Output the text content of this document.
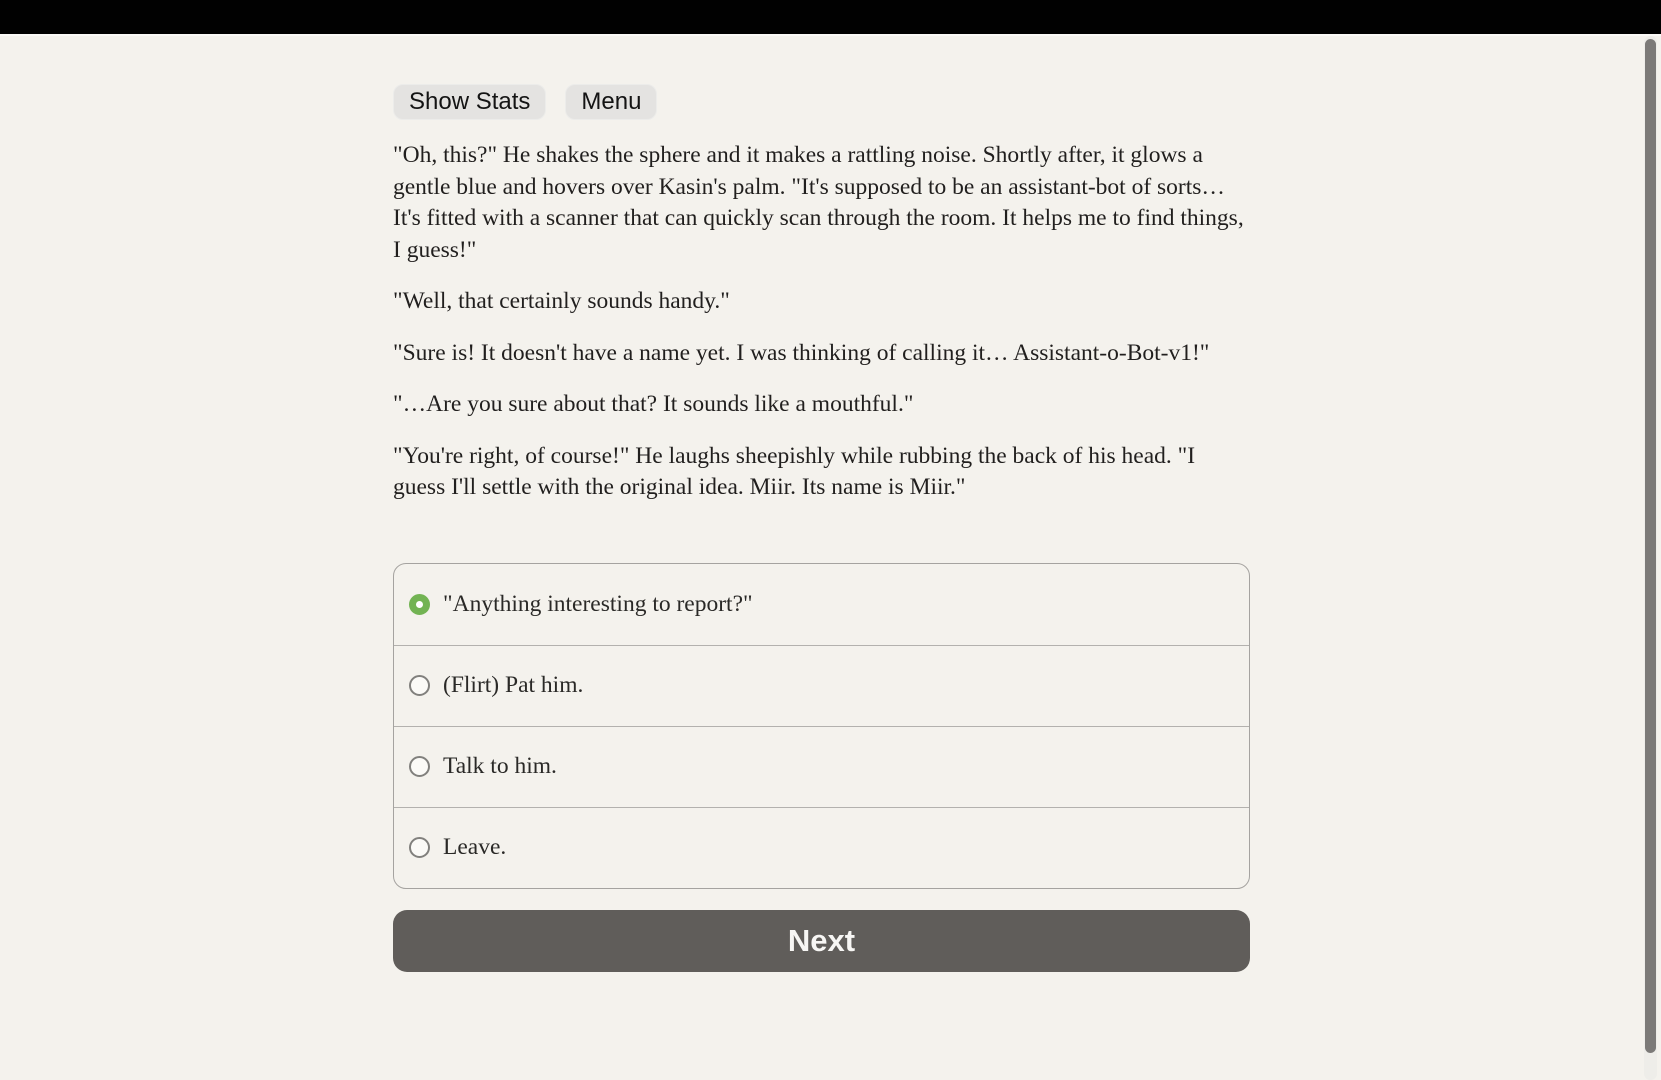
Show Stats	Menu

"Oh, this?" He shakes the sphere and it makes a rattling noise. Shortly after, it glows a gentle blue and hovers over Kasin's palm. "It's supposed to be an assistant-bot of sorts… It's fitted with a scanner that can quickly scan through the room. It helps me to find things, I guess!"

"Well, that certainly sounds handy."

"Sure is! It doesn't have a name yet. I was thinking of calling it… Assistant-o-Bot-v1!"

"…Are you sure about that? It sounds like a mouthful."

"You're right, of course!" He laughs sheepishly while rubbing the back of his head. "I guess I'll settle with the original idea. Miir. Its name is Miir."

"Anything interesting to report?"
(Flirt) Pat him.
Talk to him.
Leave.
Next
